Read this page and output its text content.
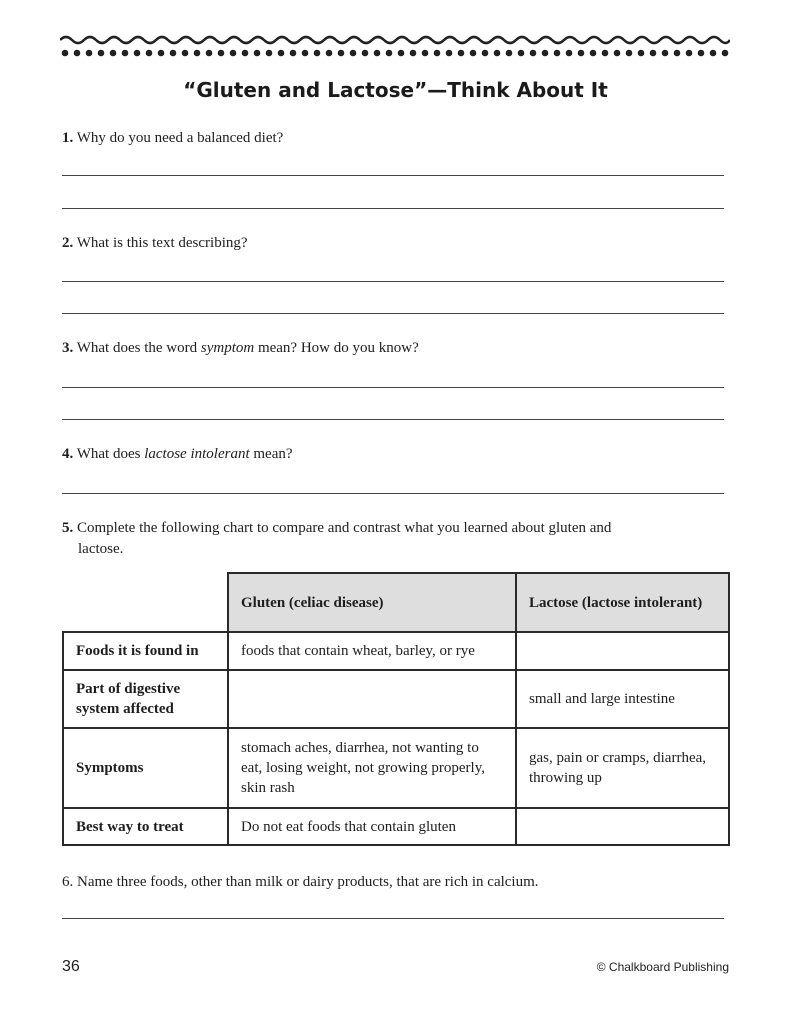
“Gluten and Lactose”—Think About It
1. Why do you need a balanced diet?
2. What is this text describing?
3. What does the word symptom mean? How do you know?
4. What does lactose intolerant mean?
5. Complete the following chart to compare and contrast what you learned about gluten and
lactose.
	Gluten (celiac disease)	Lactose (lactose intolerant)
Foods it is found in	foods that contain wheat, barley, or rye	
Part of digestive system affected		small and large intestine
Symptoms	stomach aches, diarrhea, not wanting to eat, losing weight, not growing properly, skin rash	gas, pain or cramps, diarrhea, throwing up
Best way to treat	Do not eat foods that contain gluten	
6. Name three foods, other than milk or dairy products, that are rich in calcium.
36	© Chalkboard Publishing
